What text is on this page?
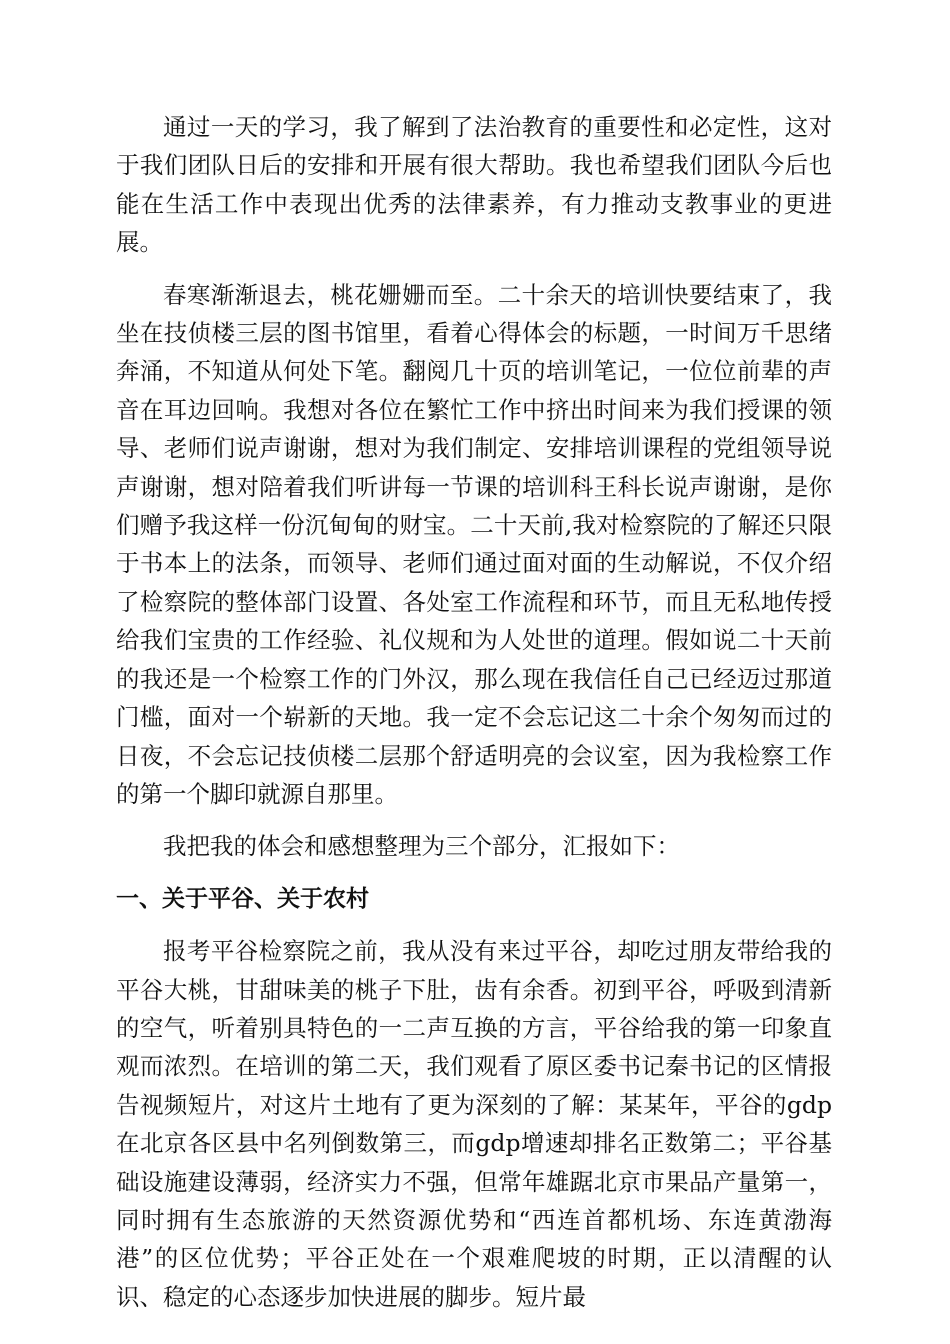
通过一天的学习，我了解到了法治教育的重要性和必定性，这对于我们团队日后的安排和开展有很大帮助。我也希望我们团队今后也能在生活工作中表现出优秀的法律素养，有力推动支教事业的更进展。

春寒渐渐退去，桃花姗姗而至。二十余天的培训快要结束了，我坐在技侦楼三层的图书馆里，看着心得体会的标题，一时间万千思绪奔涌，不知道从何处下笔。翻阅几十页的培训笔记，一位位前辈的声音在耳边回响。我想对各位在繁忙工作中挤出时间来为我们授课的领导、老师们说声谢谢，想对为我们制定、安排培训课程的党组领导说声谢谢，想对陪着我们听讲每一节课的培训科王科长说声谢谢，是你们赠予我这样一份沉甸甸的财宝。二十天前,我对检察院的了解还只限于书本上的法条，而领导、老师们通过面对面的生动解说，不仅介绍了检察院的整体部门设置、各处室工作流程和环节，而且无私地传授给我们宝贵的工作经验、礼仪规和为人处世的道理。假如说二十天前的我还是一个检察工作的门外汉，那么现在我信任自己已经迈过那道门槛，面对一个崭新的天地。我一定不会忘记这二十余个匆匆而过的日夜，不会忘记技侦楼二层那个舒适明亮的会议室，因为我检察工作的第一个脚印就源自那里。

我把我的体会和感想整理为三个部分，汇报如下：

一、关于平谷、关于农村

报考平谷检察院之前，我从没有来过平谷，却吃过朋友带给我的平谷大桃，甘甜味美的桃子下肚，齿有余香。初到平谷，呼吸到清新的空气，听着别具特色的一二声互换的方言，平谷给我的第一印象直观而浓烈。在培训的第二天，我们观看了原区委书记秦书记的区情报告视频短片，对这片土地有了更为深刻的了解：某某年，平谷的gdp在北京各区县中名列倒数第三，而gdp增速却排名正数第二；平谷基础设施建设薄弱，经济实力不强，但常年雄踞北京市果品产量第一，同时拥有生态旅游的天然资源优势和“西连首都机场、东连黄渤海港”的区位优势；平谷正处在一个艰难爬坡的时期，正以清醒的认识、稳定的心态逐步加快进展的脚步。短片最
